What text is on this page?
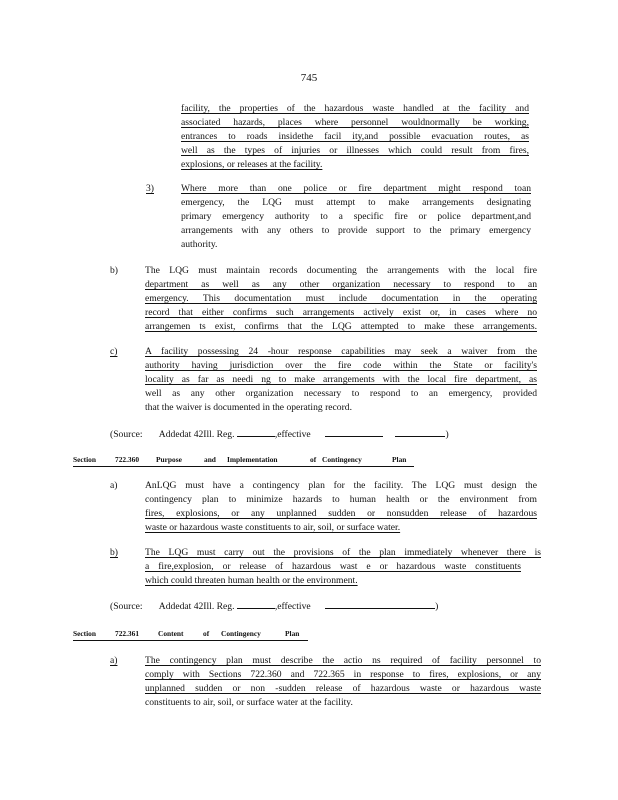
745
facility, the properties of the hazardous waste handled at the facility and
associated hazards, places where personnel wouldnormally be working,
entrances to roads insidethe facil ity,and possible evacuation routes, as
well as the types of injuries or illnesses which could result from fires,
explosions, or releases at the facility.
3)	Where more than one police or fire department might respond toan
emergency, the LQG must attempt to make arrangements designating
primary emergency authority to a specific fire or police department,and
arrangements with any others to provide support to the primary emergency
authority.
b)	The LQG must maintain records documenting the arrangements with the local fire
department as well as any other organization necessary to respond to an
emergency. This documentation must include documentation in the operating
record that either confirms such arrangements actively exist or, in cases where no
arrangemen ts exist, confirms that the LQG attempted to make these arrangements.
c)	A facility possessing 24 -hour response capabilities may seek a waiver from the
authority having jurisdiction over the fire code within the State or facility's
locality as far as needi ng to make arrangements with the local fire department, as
well as any other organization necessary to respond to an emergency, provided
that the waiver is documented in the operating record.
(Source: Addedat 42Ill. Reg.	,effective	)
Section	722.360 Purpose	and Implementation	of Contingency	Plan
a)	AnLQG must have a contingency plan for the facility. The LQG must design the
contingency plan to minimize hazards to human health or the environment from
fires, explosions, or any unplanned sudden or nonsudden release of hazardous
waste or hazardous waste constituents to air, soil, or surface water.
b)	The LQG must carry out the provisions of the plan immediately whenever there is
a fire,explosion, or release of hazardous wast e or hazardous waste constituents
which could threaten human health or the environment.
(Source: Addedat 42Ill. Reg.	,effective	)
Section	722.361	Content	of Contingency	Plan
a)	The contingency plan must describe the actio ns required of facility personnel to
comply with Sections 722.360 and 722.365 in response to fires, explosions, or any
unplanned sudden or non -sudden release of hazardous waste or hazardous waste
constituents to air, soil, or surface water at the facility.
